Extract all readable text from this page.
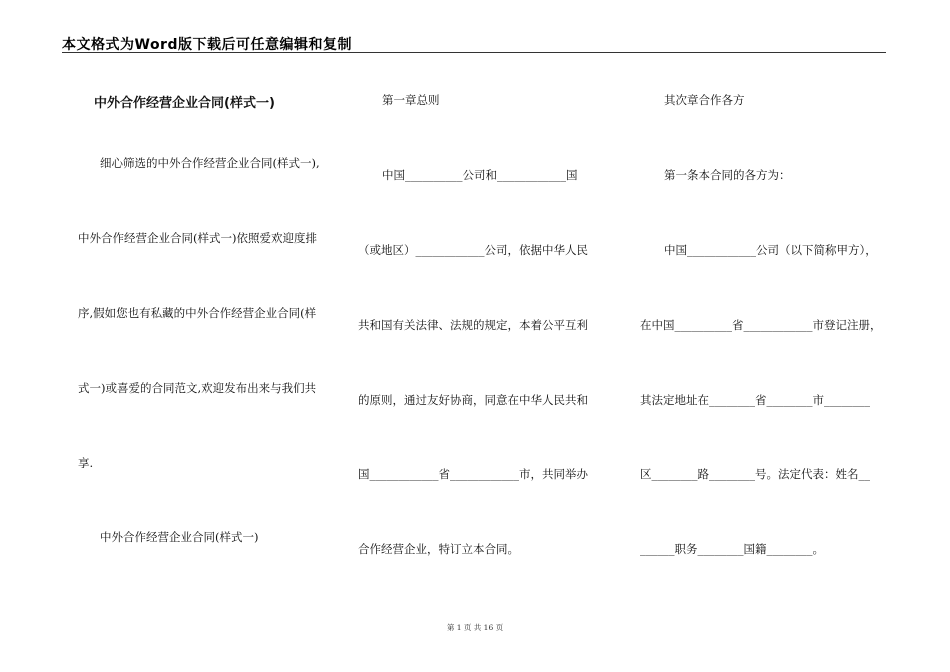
本文格式为Word版下载后可任意编辑和复制
中外合作经营企业合同(样式一)
细心筛选的中外合作经营企业合同(样式一),
中外合作经营企业合同(样式一)依照爱欢迎度排
序,假如您也有私藏的中外合作经营企业合同(样
式一)或喜爱的合同范文,欢迎发布出来与我们共
享.
中外合作经营企业合同(样式一)
第一章总则
中国__________公司和____________国
（或地区）____________公司，依据中华人民
共和国有关法律、法规的规定，本着公平互利
的原则，通过友好协商，同意在中华人民共和
国____________省____________市，共同举办
合作经营企业，特订立本合同。
其次章合作各方
第一条本合同的各方为：
中国____________公司（以下简称甲方），
在中国__________省____________市登记注册，
其法定地址在________省________市________
区________路________号。法定代表：姓名__
______职务________国籍________。
第 1 页 共 16 页
